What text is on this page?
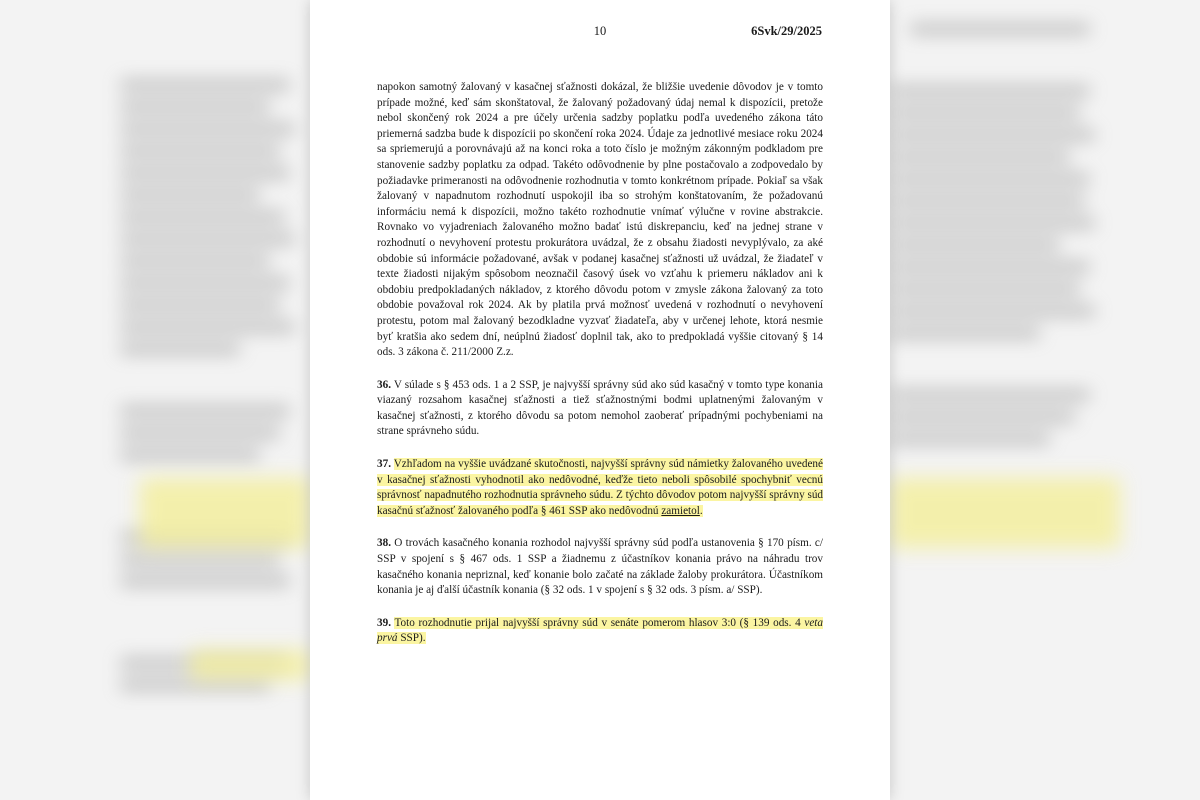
10	6Svk/29/2025

napokon samotný žalovaný v kasačnej sťažnosti dokázal, že bližšie uvedenie dôvodov je v tomto prípade možné, keď sám skonštatoval, že žalovaný požadovaný údaj nemal k dispozícii, pretože nebol skončený rok 2024 a pre účely určenia sadzby poplatku podľa uvedeného zákona táto priemerná sadzba bude k dispozícii po skončení roka 2024. Údaje za jednotlivé mesiace roku 2024 sa spriemerujú a porovnávajú až na konci roka a toto číslo je možným zákonným podkladom pre stanovenie sadzby poplatku za odpad. Takéto odôvodnenie by plne postačovalo a zodpovedalo by požiadavke primeranosti na odôvodnenie rozhodnutia v tomto konkrétnom prípade. Pokiaľ sa však žalovaný v napadnutom rozhodnutí uspokojil iba so strohým konštatovaním, že požadovanú informáciu nemá k dispozícii, možno takéto rozhodnutie vnímať výlučne v rovine abstrakcie. Rovnako vo vyjadreniach žalovaného možno badať istú diskrepanciu, keď na jednej strane v rozhodnutí o nevyhovení protestu prokurátora uvádzal, že z obsahu žiadosti nevyplývalo, za aké obdobie sú informácie požadované, avšak v podanej kasačnej sťažnosti už uvádzal, že žiadateľ v texte žiadosti nijakým spôsobom neoznačil časový úsek vo vzťahu k priemeru nákladov ani k obdobiu predpokladaných nákladov, z ktorého dôvodu potom v zmysle zákona žalovaný za toto obdobie považoval rok 2024. Ak by platila prvá možnosť uvedená v rozhodnutí o nevyhovení protestu, potom mal žalovaný bezodkladne vyzvať žiadateľa, aby v určenej lehote, ktorá nesmie byť kratšia ako sedem dní, neúplnú žiadosť doplnil tak, ako to predpokladá vyššie citovaný § 14 ods. 3 zákona č. 211/2000 Z.z.

36. V súlade s § 453 ods. 1 a 2 SSP, je najvyšší správny súd ako súd kasačný v tomto type konania viazaný rozsahom kasačnej sťažnosti a tiež sťažnostnými bodmi uplatnenými žalovaným v kasačnej sťažnosti, z ktorého dôvodu sa potom nemohol zaoberať prípadnými pochybeniami na strane správneho súdu.

37. Vzhľadom na vyššie uvádzané skutočnosti, najvyšší správny súd námietky žalovaného uvedené v kasačnej sťažnosti vyhodnotil ako nedôvodné, keďže tieto neboli spôsobilé spochybniť vecnú správnosť napadnutého rozhodnutia správneho súdu. Z týchto dôvodov potom najvyšší správny súd kasačnú sťažnosť žalovaného podľa § 461 SSP ako nedôvodnú zamietol.

38. O trovách kasačného konania rozhodol najvyšší správny súd podľa ustanovenia § 170 písm. c/ SSP v spojení s § 467 ods. 1 SSP a žiadnemu z účastníkov konania právo na náhradu trov kasačného konania nepriznal, keď konanie bolo začaté na základe žaloby prokurátora. Účastníkom konania je aj ďalší účastník konania (§ 32 ods. 1 v spojení s § 32 ods. 3 písm. a/ SSP).

39. Toto rozhodnutie prijal najvyšší správny súd v senáte pomerom hlasov 3:0 (§ 139 ods. 4 veta prvá SSP).
